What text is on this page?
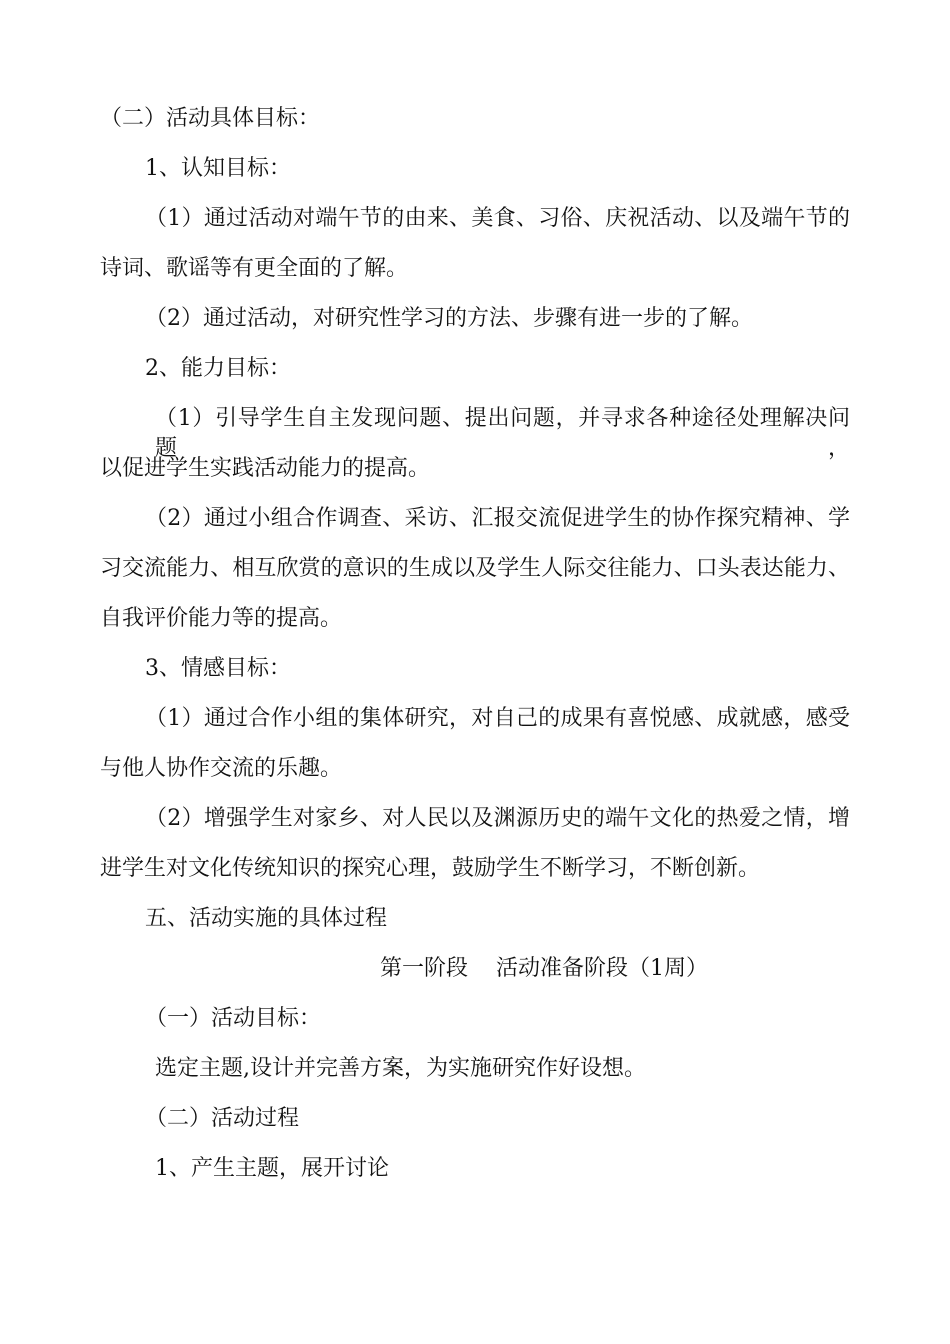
（二）活动具体目标：
1、认知目标：
（1）通过活动对端午节的由来、美食、习俗、庆祝活动、以及端午节的
诗词、歌谣等有更全面的了解。
（2）通过活动，对研究性学习的方法、步骤有进一步的了解。
2、能力目标：
（1）引导学生自主发现问题、提出问题，并寻求各种途径处理解决问题，
以促进学生实践活动能力的提高。
（2）通过小组合作调查、采访、汇报交流促进学生的协作探究精神、学
习交流能力、相互欣赏的意识的生成以及学生人际交往能力、口头表达能力、
自我评价能力等的提高。
3、情感目标：
（1）通过合作小组的集体研究，对自己的成果有喜悦感、成就感，感受
与他人协作交流的乐趣。
（2）增强学生对家乡、对人民以及渊源历史的端午文化的热爱之情，增
进学生对文化传统知识的探究心理，鼓励学生不断学习，不断创新。
五、活动实施的具体过程
第一阶段    活动准备阶段（1周）
（一）活动目标：
选定主题,设计并完善方案，为实施研究作好设想。
（二）活动过程
1、产生主题，展开讨论
